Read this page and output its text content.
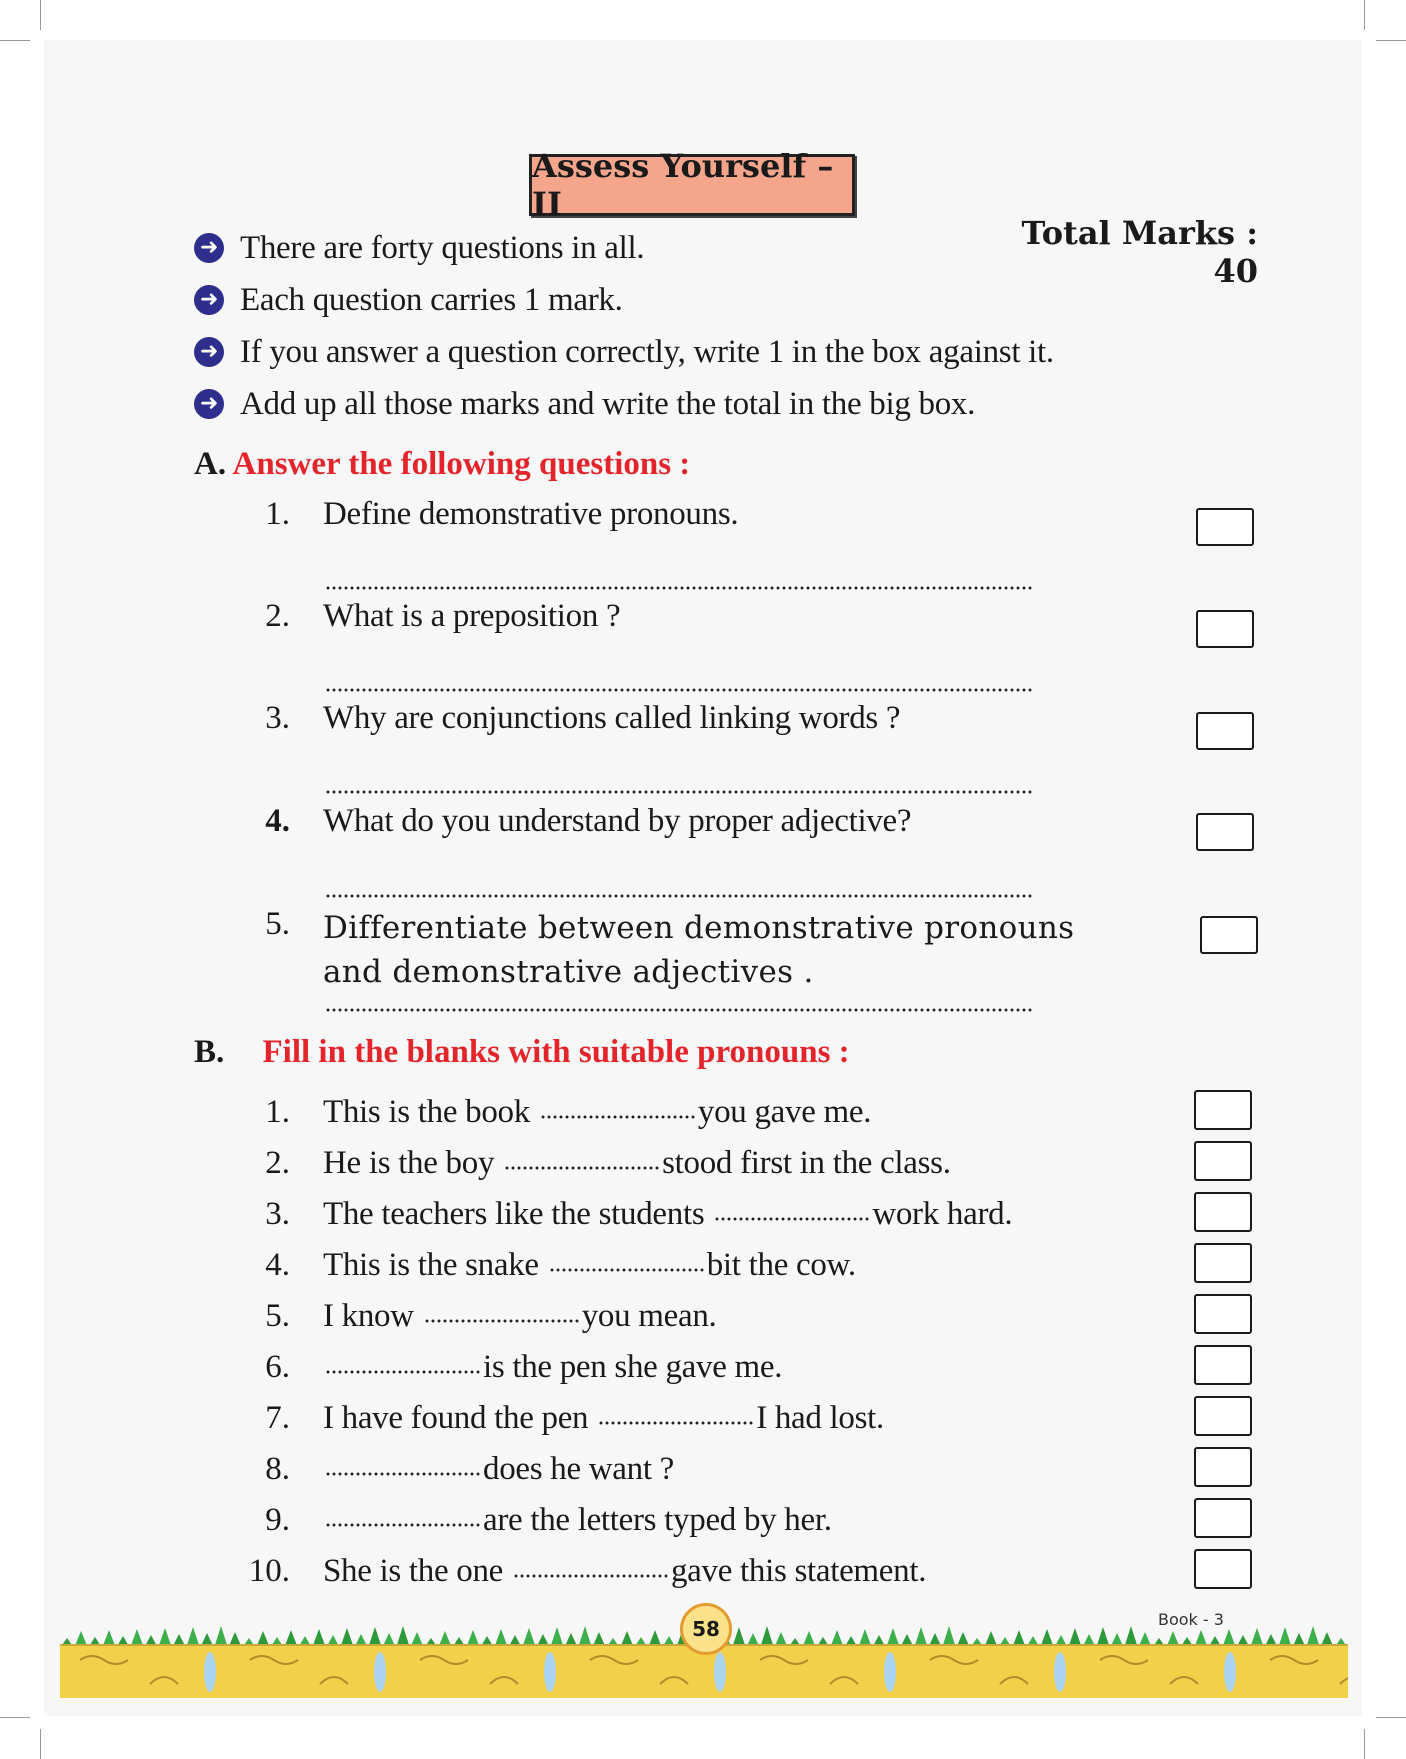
Assess Yourself – II
Total Marks : 40
➜ There are forty questions in all.
➜ Each question carries 1 mark.
➜ If you answer a question correctly, write 1 in the box against it.
➜ Add up all those marks and write the total in the big box.
A. Answer the following questions :
1. Define demonstrative pronouns.
2. What is a preposition ?
3. Why are conjunctions called linking words ?
4. What do you understand by proper adjective?
5. Differentiate between demonstrative pronouns and demonstrative adjectives .
B. Fill in the blanks with suitable pronouns :
1. This is the book	you gave me.
2. He is the boy	stood first in the class.
3. The teachers like the students	work hard.
4. This is the snake	bit the cow.
5. I know	you mean.
6.	is the pen she gave me.
7. I have found the pen	I had lost.
8.	does he want ?
9.	are the letters typed by her.
10. She is the one	gave this statement.
58	Book - 3
